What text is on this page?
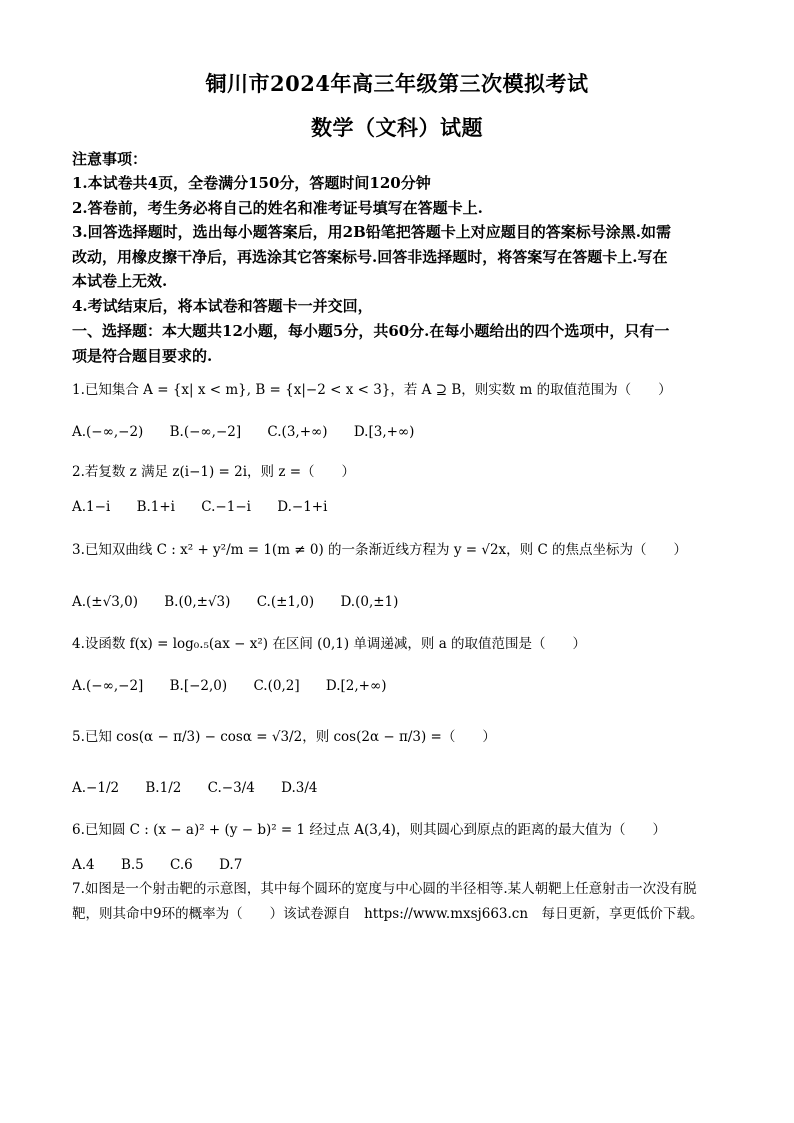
铜川市2024年高三年级第三次模拟考试
数学（文科）试题
注意事项：
1.本试卷共4页，全卷满分150分，答题时间120分钟
2.答卷前，考生务必将自己的姓名和准考证号填写在答题卡上.
3.回答选择题时，选出每小题答案后，用2B铅笔把答题卡上对应题目的答案标号涂黑.如需
改动，用橡皮擦干净后，再选涂其它答案标号.回答非选择题时，将答案写在答题卡上.写在
本试卷上无效.
4.考试结束后，将本试卷和答题卡一并交回，
一、选择题：本大题共12小题，每小题5分，共60分.在每小题给出的四个选项中，只有一
项是符合题目要求的.
1.已知集合 A = {x| x < m}, B = {x|−2 < x < 3}，若 A ⊇ B，则实数 m 的取值范围为（　　）
A.(−∞,−2) B.(−∞,−2] C.(3,+∞) D.[3,+∞)
2.若复数 z 满足 z(i−1) = 2i，则 z =（　　）
A.1−i B.1+i C.−1−i D.−1+i
3.已知双曲线 C : x² + y²/m = 1(m ≠ 0) 的一条渐近线方程为 y = √2x，则 C 的焦点坐标为（　　）
A.(±√3,0) B.(0,±√3) C.(±1,0) D.(0,±1)
4.设函数 f(x) = log₀.₅(ax − x²) 在区间 (0,1) 单调递减，则 a 的取值范围是（　　）
A.(−∞,−2] B.[−2,0) C.(0,2] D.[2,+∞)
5.已知 cos(α − π/3) − cosα = √3/2，则 cos(2α − π/3) =（　　）
A.−1/2 B.1/2 C.−3/4 D.3/4
6.已知圆 C : (x − a)² + (y − b)² = 1 经过点 A(3,4)，则其圆心到原点的距离的最大值为（　　）
A.4 B.5 C.6 D.7
7.如图是一个射击靶的示意图，其中每个圆环的宽度与中心圆的半径相等.某人朝靶上任意射击一次没有脱
靶，则其命中9环的概率为（　　）该试卷源自　https://www.mxsj663.cn　每日更新，享更低价下载。
